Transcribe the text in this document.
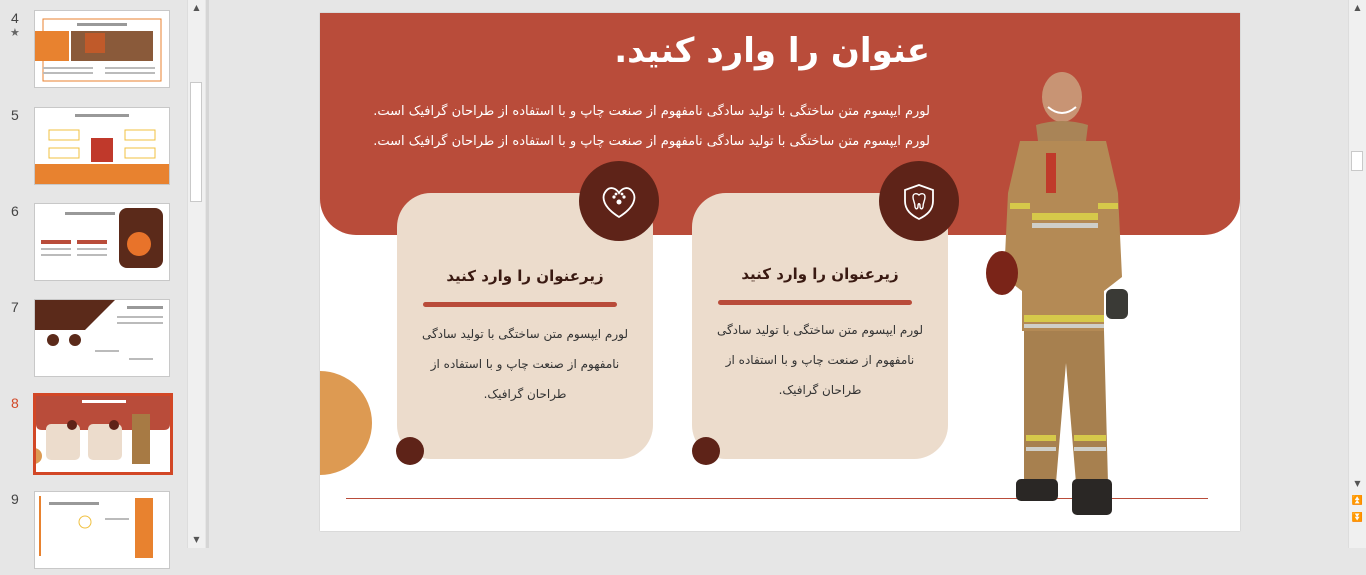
4
★
5
6
7
8
9
▲
▼
عنوان را وارد کنید.
لورم ایپسوم متن ساختگی با تولید سادگی نامفهوم از صنعت چاپ و با استفاده از طراحان گرافیک است.
لورم ایپسوم متن ساختگی با تولید سادگی نامفهوم از صنعت چاپ و با استفاده از طراحان گرافیک است.
زیرعنوان را وارد کنید
لورم ایپسوم متن ساختگی با تولید سادگی نامفهوم از صنعت چاپ و با استفاده از طراحان گرافیک.
زیرعنوان را وارد کنید
لورم ایپسوم متن ساختگی با تولید سادگی نامفهوم از صنعت چاپ و با استفاده از طراحان گرافیک.
▲
▼
⏫
⏬
